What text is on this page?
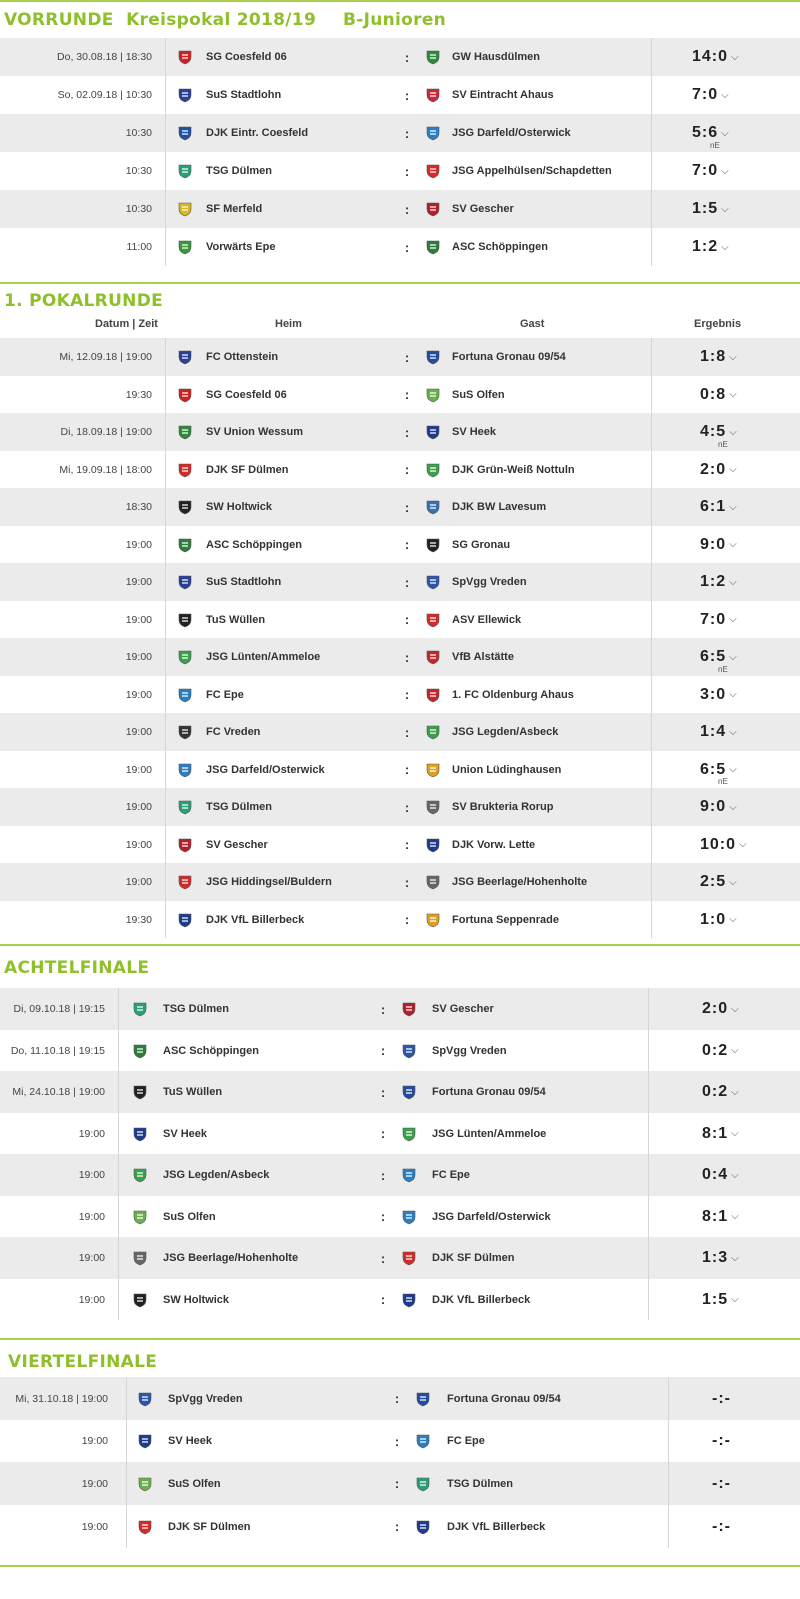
VORRUNDE  Kreispokal 2018/19 B-Junioren
Do, 30.08.18 | 18:30	SG Coesfeld 06	:	GW Hausdülmen	14:0 ⌵
So, 02.09.18 | 10:30	SuS Stadtlohn	:	SV Eintracht Ahaus	7:0 ⌵
10:30	DJK Eintr. Coesfeld	:	JSG Darfeld/Osterwick	5:6 ⌵
nE
10:30	TSG Dülmen	:	JSG Appelhülsen/Schapdetten	7:0 ⌵
10:30	SF Merfeld	:	SV Gescher	1:5 ⌵
11:00	Vorwärts Epe	:	ASC Schöppingen	1:2 ⌵
1. POKALRUNDE
Datum | Zeit	Heim	Gast	Ergebnis
Mi, 12.09.18 | 19:00	FC Ottenstein	:	Fortuna Gronau 09/54	1:8 ⌵
19:30	SG Coesfeld 06	:	SuS Olfen	0:8 ⌵
Di, 18.09.18 | 19:00	SV Union Wessum	:	SV Heek	4:5 ⌵
nE
Mi, 19.09.18 | 18:00	DJK SF Dülmen	:	DJK Grün-Weiß Nottuln	2:0 ⌵
18:30	SW Holtwick	:	DJK BW Lavesum	6:1 ⌵
19:00	ASC Schöppingen	:	SG Gronau	9:0 ⌵
19:00	SuS Stadtlohn	:	SpVgg Vreden	1:2 ⌵
19:00	TuS Wüllen	:	ASV Ellewick	7:0 ⌵
19:00	JSG Lünten/Ammeloe	:	VfB Alstätte	6:5 ⌵
nE
19:00	FC Epe	:	1. FC Oldenburg Ahaus	3:0 ⌵
19:00	FC Vreden	:	JSG Legden/Asbeck	1:4 ⌵
19:00	JSG Darfeld/Osterwick	:	Union Lüdinghausen	6:5 ⌵
nE
19:00	TSG Dülmen	:	SV Brukteria Rorup	9:0 ⌵
19:00	SV Gescher	:	DJK Vorw. Lette	10:0 ⌵
19:00	JSG Hiddingsel/Buldern	:	JSG Beerlage/Hohenholte	2:5 ⌵
19:30	DJK VfL Billerbeck	:	Fortuna Seppenrade	1:0 ⌵
ACHTELFINALE
Di, 09.10.18 | 19:15	TSG Dülmen	:	SV Gescher	2:0 ⌵
Do, 11.10.18 | 19:15	ASC Schöppingen	:	SpVgg Vreden	0:2 ⌵
Mi, 24.10.18 | 19:00	TuS Wüllen	:	Fortuna Gronau 09/54	0:2 ⌵
19:00	SV Heek	:	JSG Lünten/Ammeloe	8:1 ⌵
19:00	JSG Legden/Asbeck	:	FC Epe	0:4 ⌵
19:00	SuS Olfen	:	JSG Darfeld/Osterwick	8:1 ⌵
19:00	JSG Beerlage/Hohenholte	:	DJK SF Dülmen	1:3 ⌵
19:00	SW Holtwick	:	DJK VfL Billerbeck	1:5 ⌵
VIERTELFINALE
Mi, 31.10.18 | 19:00	SpVgg Vreden	:	Fortuna Gronau 09/54	-:-
19:00	SV Heek	:	FC Epe	-:-
19:00	SuS Olfen	:	TSG Dülmen	-:-
19:00	DJK SF Dülmen	:	DJK VfL Billerbeck	-:-
